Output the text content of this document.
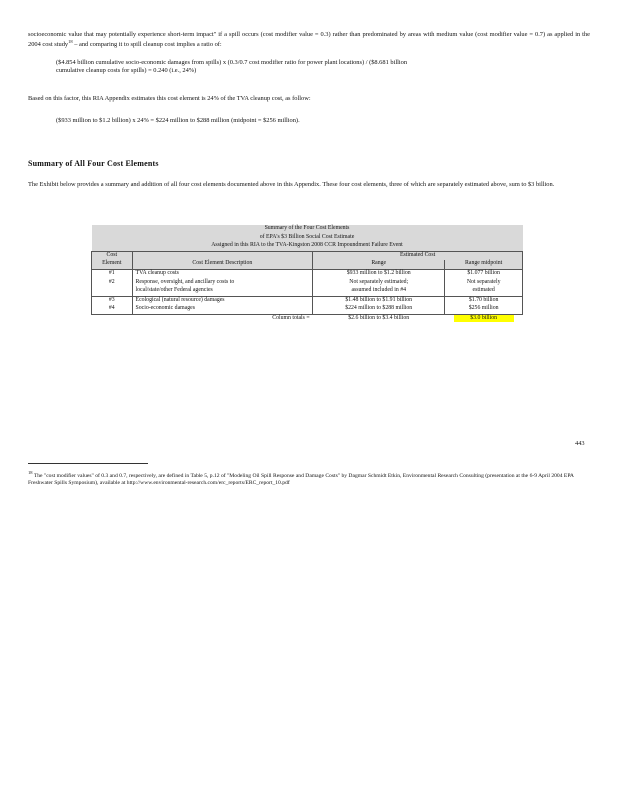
socioeconomic value that may potentially experience short-term impact" if a spill occurs (cost modifier value = 0.3) rather than predominated by areas with medium value (cost modifier value = 0.7) as applied in the 2004 cost study$^{18}$ – and comparing it to spill cleanup cost implies a ratio of:
($4.854 billion cumulative socio-economic damages from spills) x (0.3/0.7 cost modifier ratio for power plant locations) / ($8.681 billion
cumulative cleanup costs for spills) = 0.240 (i.e., 24%)
Based on this factor, this RIA Appendix estimates this cost element is 24% of the TVA cleanup cost, as follow:
($933 million to $1.2 billion) x 24% = $224 million to $288 million (midpoint = $256 million).
Summary of All Four Cost Elements
The Exhibit below provides a summary and addition of all four cost elements documented above in this Appendix. These four cost elements, three of which are separately estimated above, sum to $3 billion.
Summary of the Four Cost Elements			
of EPA's $3 Billion Social Cost Estimate			
Assigned in this RIA to the TVA-Kingston 2008 CCR Impoundment Failure Event			
Cost		Estimated Cost	
Element	Cost Element Description	Range	Range midpoint
#1	TVA cleanup costs	$933 million to $1.2 billion	$1.077 billion
#2	Response, oversight, and ancillary costs to	Not separately estimated;	Not separately
	local/state/other Federal agencies	assumed included in #4	estimated
#3	Ecological (natural resource) damages	$1.48 billion to $1.91 billion	$1.70 billion
#4	Socio-economic damages	$224 million to $288 million	$256 million
	Column totals =	$2.6 billion to $3.4 billion	$3.0 billion
$^{18}$ The "cost modifier values" of 0.3 and 0.7, respectively, are defined in Table 5, p.12 of "Modeling Oil Spill Response and Damage Costs" by Dagmar Schmidt Etkin, Environmental Research Consulting (presentation at the 6-9 April 2004 EPA Freshwater Spills Symposium), available at http://www.environmental-research.com/erc_reports/ERC_report_10.pdf
443
